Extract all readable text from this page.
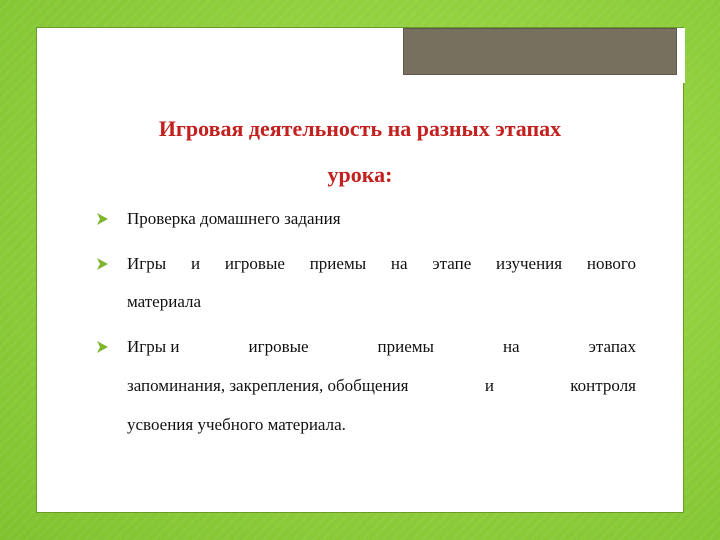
Игровая деятельность на разных этапах
урока:
Проверка домашнего задания
Игры и игровые приемы на этапе изучения нового
материала
Игры и	игровые	приемы	на	этапах
запоминания, закрепления, обобщения	и	контроля
усвоения учебного материала.
